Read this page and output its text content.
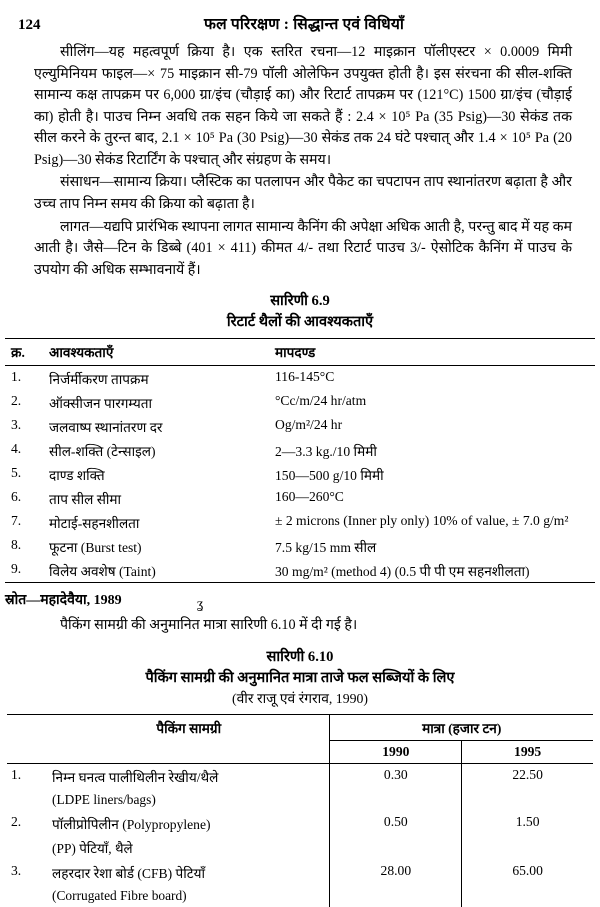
124	फल परिरक्षण : सिद्धान्त एवं विधियाँ

सीलिंग—यह महत्वपूर्ण क्रिया है। एक स्तरित रचना—12 माइक्रान पॉलीएस्टर × 0.0009 मिमी एल्युमिनियम फाइल—× 75 माइक्रान सी-79 पॉली ओलेफिन उपयुक्त होती है। इस संरचना की सील-शक्ति सामान्य कक्ष तापक्रम पर 6,000 ग्रा/इंच (चौड़ाई का) और रिटार्ट तापक्रम पर (121°C) 1500 ग्रा/इंच (चौड़ाई का) होती है। पाउच निम्न अवधि तक सहन किये जा सकते हैं : 2.4 × 10⁵ Pa (35 Psig)—30 सेकंड तक सील करने के तुरन्त बाद, 2.1 × 10⁵ Pa (30 Psig)—30 सेकंड तक 24 घंटे पश्चात् और 1.4 × 10⁵ Pa (20 Psig)—30 सेकंड रिटार्टिंग के पश्चात् और संग्रहण के समय।

संसाधन—सामान्य क्रिया। प्लैस्टिक का पतलापन और पैकेट का चपटापन ताप स्थानांतरण बढ़ाता है और उच्च ताप निम्न समय की क्रिया को बढ़ाता है।

लागत—यद्यपि प्रारंभिक स्थापना लागत सामान्य कैनिंग की अपेक्षा अधिक आती है, परन्तु बाद में यह कम आती है। जैसे—टिन के डिब्बे (401 × 411) कीमत 4/- तथा रिटार्ट पाउच 3/- ऐसोटिक कैनिंग में पाउच के उपयोग की अधिक सम्भावनायें हैं।

सारिणी 6.9
रिटार्ट थैलों की आवश्यकताएँ
क्र.	आवश्यकताएँ	मापदण्ड
1.	निर्जर्मीकरण तापक्रम	116-145°C
2.	ऑक्सीजन पारगम्यता	°Cc/m/24 hr/atm
3.	जलवाष्प स्थानांतरण दर	Og/m²/24 hr
4.	सील-शक्ति (टेन्साइल)	2—3.3 kg./10 मिमी
5.	दाण्ड शक्ति	150—500 g/10 मिमी
6.	ताप सील सीमा	160—260°C
7.	मोटाई-सहनशीलता	± 2 microns (Inner ply only) 10% of value, ± 7.0 g/m²
8.	फूटना (Burst test)	7.5 kg/15 mm सील
9.	विलेय अवशेष (Taint)	30 mg/m² (method 4) (0.5 पी पी एम सहनशीलता)
स्रोत—महादेवैया, 1989
पैकिंग सामग्री की अनुमानित मात्रा सारिणी 6.10 में दी गई है।
सारिणी 6.10
पैकिंग सामग्री की अनुमानित मात्रा ताजे फल सब्जियों के लिए
(वीर राजू एवं रंगराव, 1990)
	पैकिंग सामग्री	मात्रा (हजार टन)	
		1990	1995
1.	निम्न घनत्व पालीथिलीन रेखीय/थैले	0.30	22.50
	(LDPE liners/bags)		
2.	पॉलीप्रोपिलीन (Polypropylene)	0.50	1.50
	(PP) पेटियाँ, थैले		
3.	लहरदार रेशा बोर्ड (CFB) पेटियाँ	28.00	65.00
	(Corrugated Fibre board)		
ʓ
